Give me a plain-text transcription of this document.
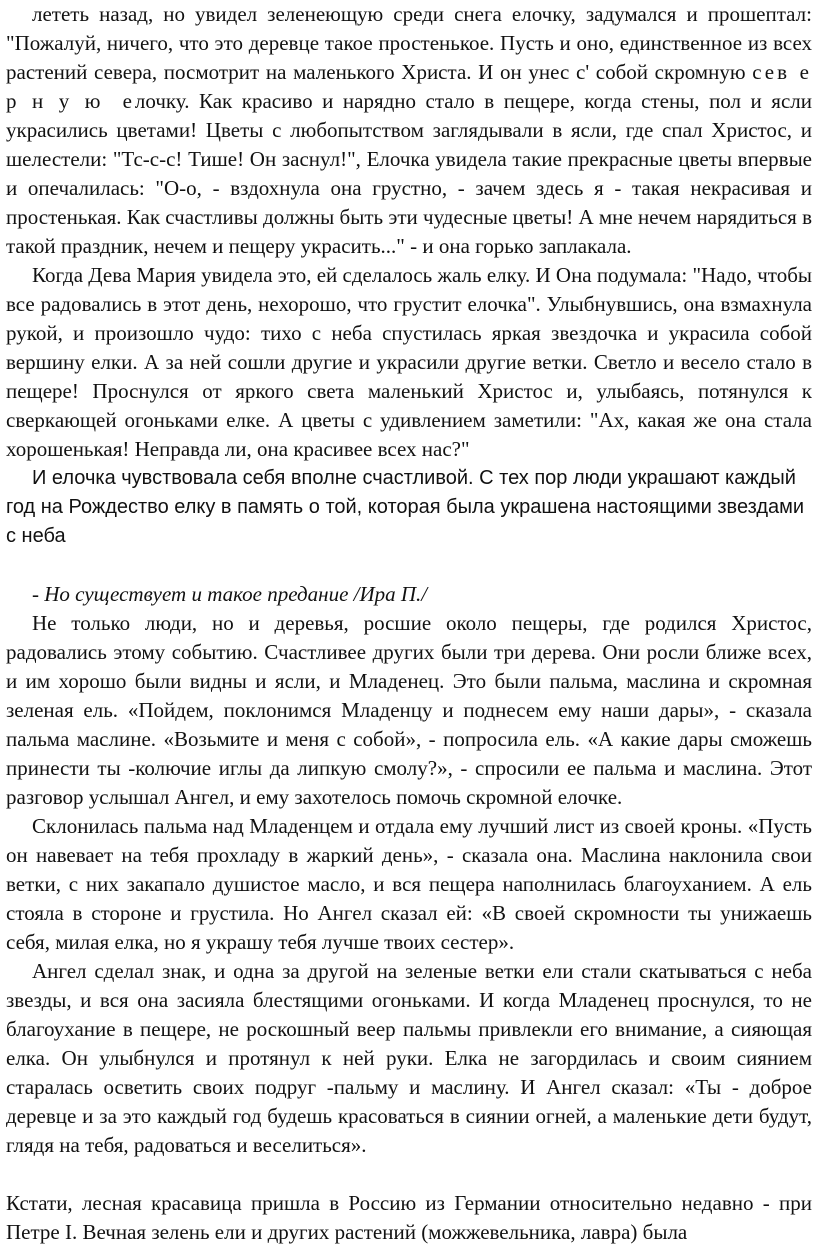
лететь назад, но увидел зеленеющую среди снега елочку, задумался и прошептал: "Пожалуй, ничего, что это деревце такое простенькое. Пусть и оно, единственное из всех растений севера, посмотрит на маленького Христа. И он унес с' собой скромную сев е р н у ю елочку. Как красиво и нарядно стало в пещере, когда стены, пол и ясли украсились цветами! Цветы с любопытством заглядывали в ясли, где спал Христос, и шелестели: "Тс-с-с! Тише! Он заснул!", Елочка увидела такие прекрасные цветы впервые и опечалилась: "О-о, - вздохнула она грустно, - зачем здесь я - такая некрасивая и простенькая. Как счастливы должны быть эти чудесные цветы! А мне нечем нарядиться в такой праздник, нечем и пещеру украсить..." - и она горько заплакала.

Когда Дева Мария увидела это, ей сделалось жаль елку. И Она подумала: "Надо, чтобы все радовались в этот день, нехорошо, что грустит елочка". Улыбнувшись, она взмахнула рукой, и произошло чудо: тихо с неба спустилась яркая звездочка и украсила собой вершину елки. А за ней сошли другие и украсили другие ветки. Светло и весело стало в пещере! Проснулся от яркого света маленький Христос и, улыбаясь, потянулся к сверкающей огоньками елке. А цветы с удивлением заметили: "Ах, какая же она стала хорошенькая! Неправда ли, она красивее всех нас?"

И елочка чувствовала себя вполне счастливой. С тех пор люди украшают каждый год на Рождество елку в память о той, которая была украшена настоящими звездами с неба

- Но существует и такое предание /Ира П./

Не только люди, но и деревья, росшие около пещеры, где родился Христос, радовались этому событию. Счастливее других были три дерева. Они росли ближе всех, и им хорошо были видны и ясли, и Младенец. Это были пальма, маслина и скромная зеленая ель. «Пойдем, поклонимся Младенцу и поднесем ему наши дары», - сказала пальма маслине. «Возьмите и меня с собой», - попросила ель. «А какие дары сможешь принести ты -колючие иглы да липкую смолу?», - спросили ее пальма и маслина. Этот разговор услышал Ангел, и ему захотелось помочь скромной елочке.

Склонилась пальма над Младенцем и отдала ему лучший лист из своей кроны. «Пусть он навевает на тебя прохладу в жаркий день», - сказала она. Маслина наклонила свои ветки, с них закапало душистое масло, и вся пещера наполнилась благоуханием. А ель стояла в стороне и грустила. Но Ангел сказал ей: «В своей скромности ты унижаешь себя, милая елка, но я украшу тебя лучше твоих сестер».

Ангел сделал знак, и одна за другой на зеленые ветки ели стали скатываться с неба звезды, и вся она засияла блестящими огоньками. И когда Младенец проснулся, то не благоухание в пещере, не роскошный веер пальмы привлекли его внимание, а сияющая елка. Он улыбнулся и протянул к ней руки. Елка не загордилась и своим сиянием старалась осветить своих подруг -пальму и маслину. И Ангел сказал: «Ты - доброе деревце и за это каждый год будешь красоваться в сиянии огней, а маленькие дети будут, глядя на тебя, радоваться и веселиться».

Кстати, лесная красавица пришла в Россию из Германии относительно недавно - при Петре I. Вечная зелень ели и других растений (можжевельника, лавра) была
